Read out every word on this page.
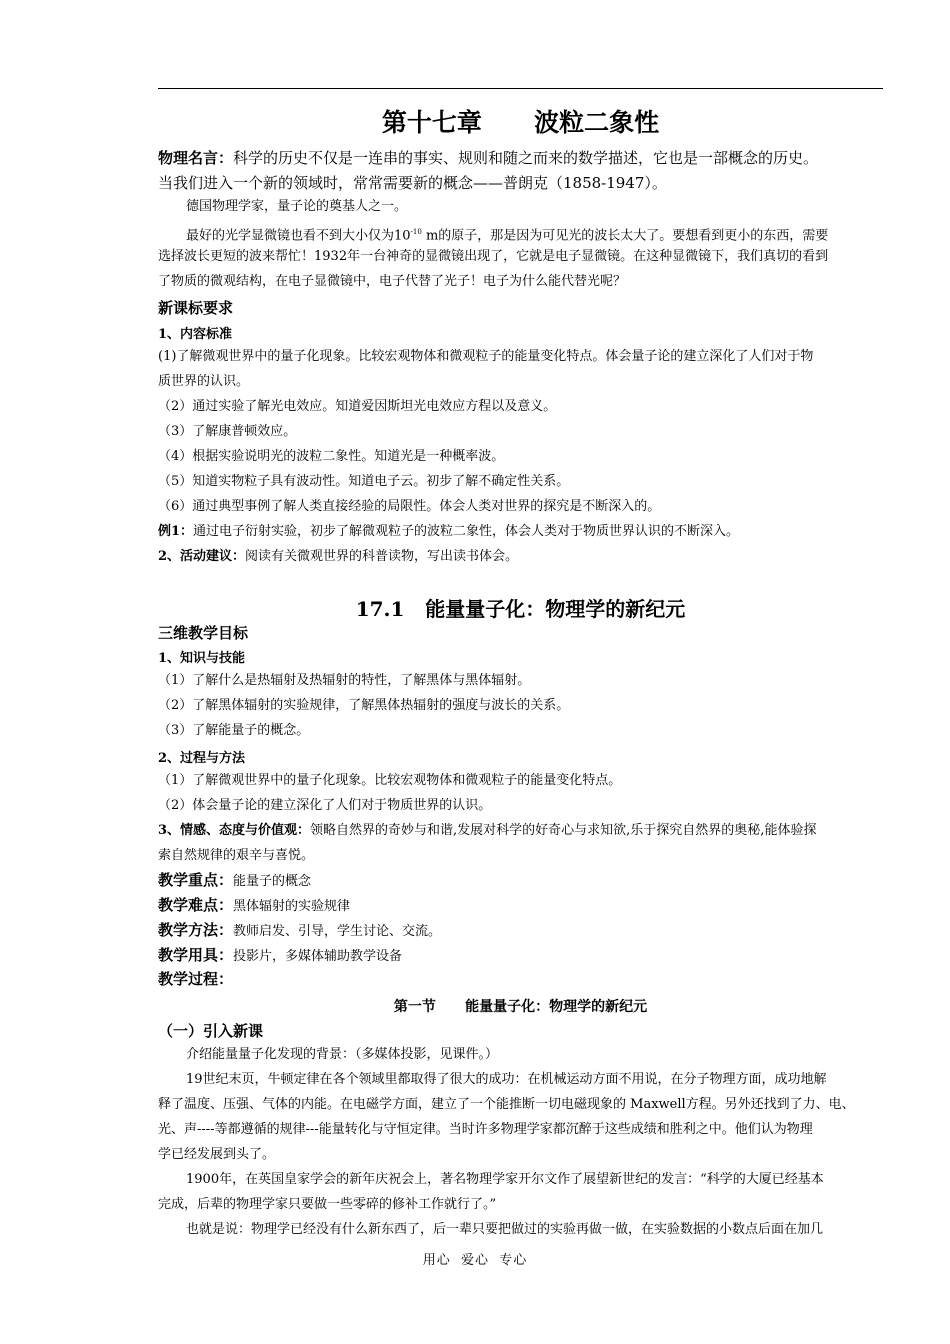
第十七章      波粒二象性
物理名言：科学的历史不仅是一连串的事实、规则和随之而来的数学描述，它也是一部概念的历史。
当我们进入一个新的领域时，常常需要新的概念——普朗克（1858-1947）。
德国物理学家，量子论的奠基人之一。
最好的光学显微镜也看不到大小仅为$10^{-10}$ m的原子，那是因为可见光的波长太大了。要想看到更小的东西，需要
选择波长更短的波来帮忙！1932年一台神奇的显微镜出现了，它就是电子显微镜。在这种显微镜下，我们真切的看到
了物质的微观结构，在电子显微镜中，电子代替了光子！电子为什么能代替光呢？
新课标要求
1、内容标准
(1)了解微观世界中的量子化现象。比较宏观物体和微观粒子的能量变化特点。体会量子论的建立深化了人们对于物
质世界的认识。
（2）通过实验了解光电效应。知道爱因斯坦光电效应方程以及意义。
（3）了解康普顿效应。
（4）根据实验说明光的波粒二象性。知道光是一种概率波。
（5）知道实物粒子具有波动性。知道电子云。初步了解不确定性关系。
（6）通过典型事例了解人类直接经验的局限性。体会人类对世界的探究是不断深入的。
例1：通过电子衍射实验，初步了解微观粒子的波粒二象性，体会人类对于物质世界认识的不断深入。
2、活动建议：阅读有关微观世界的科普读物，写出读书体会。
17.1   能量量子化：物理学的新纪元
三维教学目标
1、知识与技能
（1）了解什么是热辐射及热辐射的特性，了解黑体与黑体辐射。
（2）了解黑体辐射的实验规律，了解黑体热辐射的强度与波长的关系。
（3）了解能量子的概念。
2、过程与方法
（1）了解微观世界中的量子化现象。比较宏观物体和微观粒子的能量变化特点。
（2）体会量子论的建立深化了人们对于物质世界的认识。
3、情感、态度与价值观：领略自然界的奇妙与和谐,发展对科学的好奇心与求知欲,乐于探究自然界的奥秘,能体验探
索自然规律的艰辛与喜悦。
教学重点：能量子的概念
教学难点：黑体辐射的实验规律
教学方法：教师启发、引导，学生讨论、交流。
教学用具：投影片，多媒体辅助教学设备
教学过程：
第一节      能量量子化：物理学的新纪元
（一）引入新课
介绍能量量子化发现的背景：（多媒体投影，见课件。）
19世纪末页，牛顿定律在各个领域里都取得了很大的成功：在机械运动方面不用说，在分子物理方面，成功地解
释了温度、压强、气体的内能。在电磁学方面，建立了一个能推断一切电磁现象的 Maxwell方程。另外还找到了力、电、
光、声----等都遵循的规律---能量转化与守恒定律。当时许多物理学家都沉醉于这些成绩和胜利之中。他们认为物理
学已经发展到头了。
1900年，在英国皇家学会的新年庆祝会上，著名物理学家开尔文作了展望新世纪的发言：“科学的大厦已经基本
完成，后辈的物理学家只要做一些零碎的修补工作就行了。”
也就是说：物理学已经没有什么新东西了，后一辈只要把做过的实验再做一做，在实验数据的小数点后面在加几
用心  爱心  专心
